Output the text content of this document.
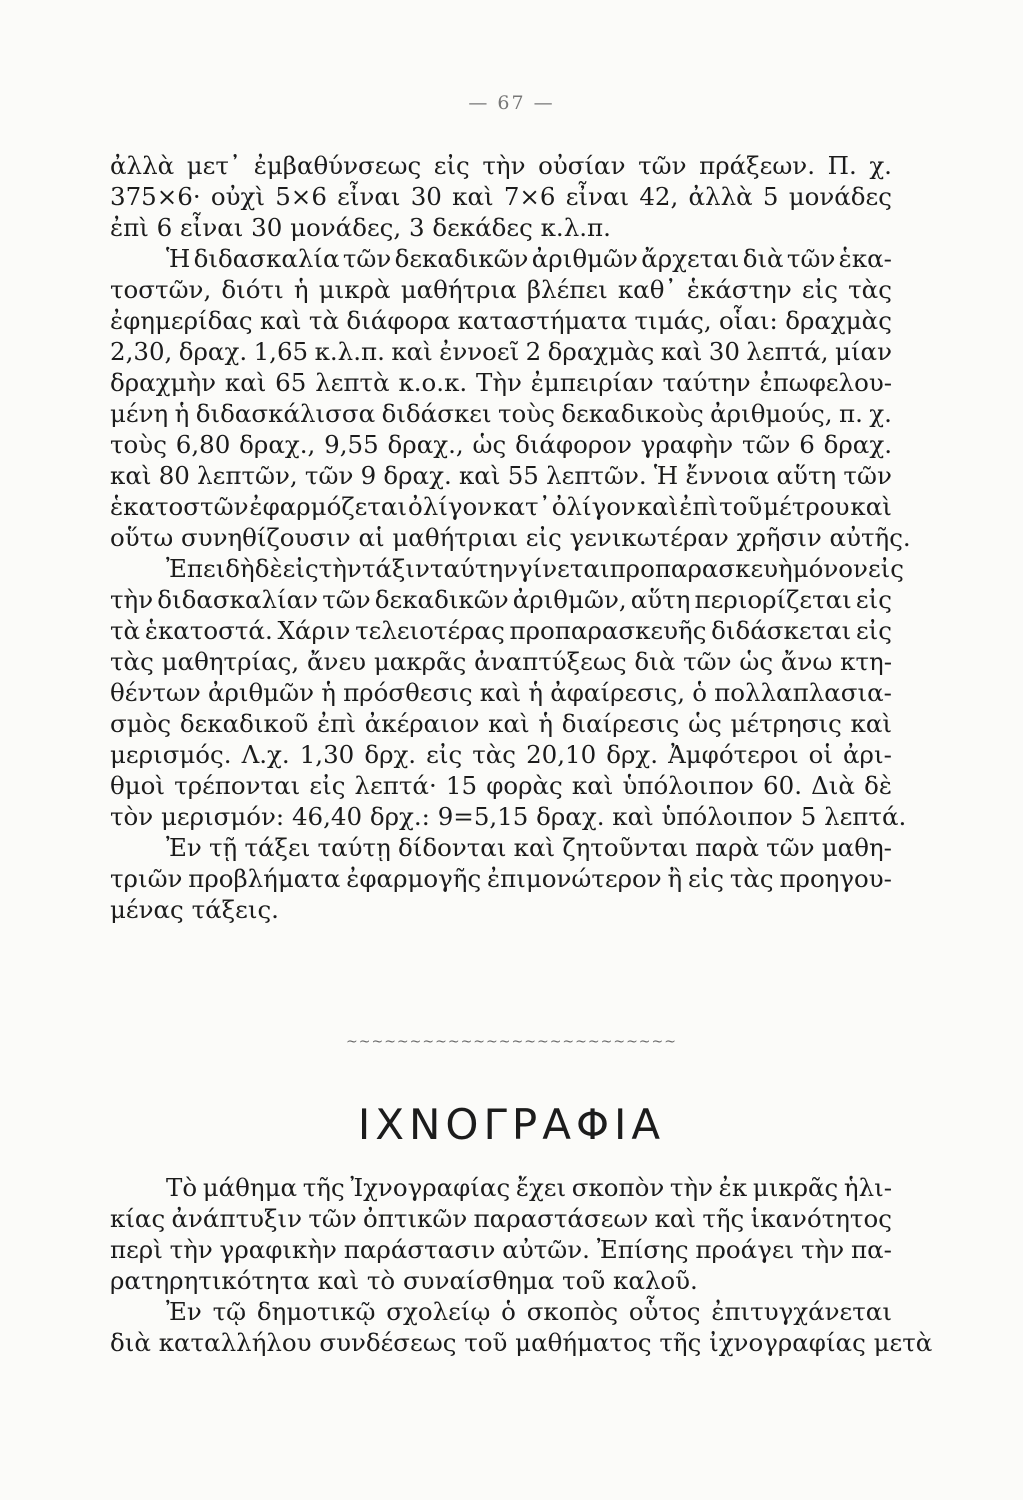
— 67 —
ἀλλὰ μετ᾽ ἐμβαθύνσεως εἰς τὴν οὐσίαν τῶν πράξεων. Π. χ.
375×6· οὐχὶ 5×6 εἶναι 30 καὶ 7×6 εἶναι 42, ἀλλὰ 5 μονάδες
ἐπὶ 6 εἶναι 30 μονάδες, 3 δεκάδες κ.λ.π.
Ἡ διδασκαλία τῶν δεκαδικῶν ἀριθμῶν ἄρχεται διὰ τῶν ἑκα-
τοστῶν, διότι ἡ μικρὰ μαθήτρια βλέπει καθ᾽ ἑκάστην εἰς τὰς
ἐφημερίδας καὶ τὰ διάφορα καταστήματα τιμάς, οἷαι: δραχμὰς
2,30, δραχ. 1,65 κ.λ.π. καὶ ἐννοεῖ 2 δραχμὰς καὶ 30 λεπτά, μίαν
δραχμὴν καὶ 65 λεπτὰ κ.ο.κ. Τὴν ἐμπειρίαν ταύτην ἐπωφελου-
μένη ἡ διδασκάλισσα διδάσκει τοὺς δεκαδικοὺς ἀριθμούς, π. χ.
τοὺς 6,80 δραχ., 9,55 δραχ., ὡς διάφορον γραφὴν τῶν 6 δραχ.
καὶ 80 λεπτῶν, τῶν 9 δραχ. καὶ 55 λεπτῶν. Ἡ ἔννοια αὕτη τῶν
ἑκατοστῶν ἐφαρμόζεται ὀλίγον κατ᾽ ὀλίγον καὶ ἐπὶ τοῦ μέτρου καὶ
οὕτω συνηθίζουσιν αἱ μαθήτριαι εἰς γενικωτέραν χρῆσιν αὐτῆς.
Ἐπειδὴ δὲ εἰς τὴν τάξιν ταύτην γίνεται προπαρασκευὴ μόνον εἰς
τὴν διδασκαλίαν τῶν δεκαδικῶν ἀριθμῶν, αὕτη περιορίζεται εἰς
τὰ ἑκατοστά. Χάριν τελειοτέρας προπαρασκευῆς διδάσκεται εἰς
τὰς μαθητρίας, ἄνευ μακρᾶς ἀναπτύξεως διὰ τῶν ὡς ἄνω κτη-
θέντων ἀριθμῶν ἡ πρόσθεσις καὶ ἡ ἀφαίρεσις, ὁ πολλαπλασια-
σμὸς δεκαδικοῦ ἐπὶ ἀκέραιον καὶ ἡ διαίρεσις ὡς μέτρησις καὶ
μερισμός. Λ.χ. 1,30 δρχ. εἰς τὰς 20,10 δρχ. Ἀμφότεροι οἱ ἀρι-
θμοὶ τρέπονται εἰς λεπτά· 15 φορὰς καὶ ὑπόλοιπον 60. Διὰ δὲ
τὸν μερισμόν: 46,40 δρχ.: 9=5,15 δραχ. καὶ ὑπόλοιπον 5 λεπτά.
Ἐν τῇ τάξει ταύτῃ δίδονται καὶ ζητοῦνται παρὰ τῶν μαθη-
τριῶν προβλήματα ἐφαρμογῆς ἐπιμονώτερον ἢ εἰς τὰς προηγου-
μένας τάξεις.
~~~~~~~~~~~~~~~~~~~~~~~~~~
ΙΧΝΟΓΡΑΦΙΑ
Τὸ μάθημα τῆς Ἰχνογραφίας ἔχει σκοπὸν τὴν ἐκ μικρᾶς ἡλι-
κίας ἀνάπτυξιν τῶν ὀπτικῶν παραστάσεων καὶ τῆς ἱκανότητος
περὶ τὴν γραφικὴν παράστασιν αὐτῶν. Ἐπίσης προάγει τὴν πα-
ρατηρητικότητα καὶ τὸ συναίσθημα τοῦ καλοῦ.
Ἐν τῷ δημοτικῷ σχολείῳ ὁ σκοπὸς οὗτος ἐπιτυγχάνεται
διὰ καταλλήλου συνδέσεως τοῦ μαθήματος τῆς ἰχνογραφίας μετὰ
